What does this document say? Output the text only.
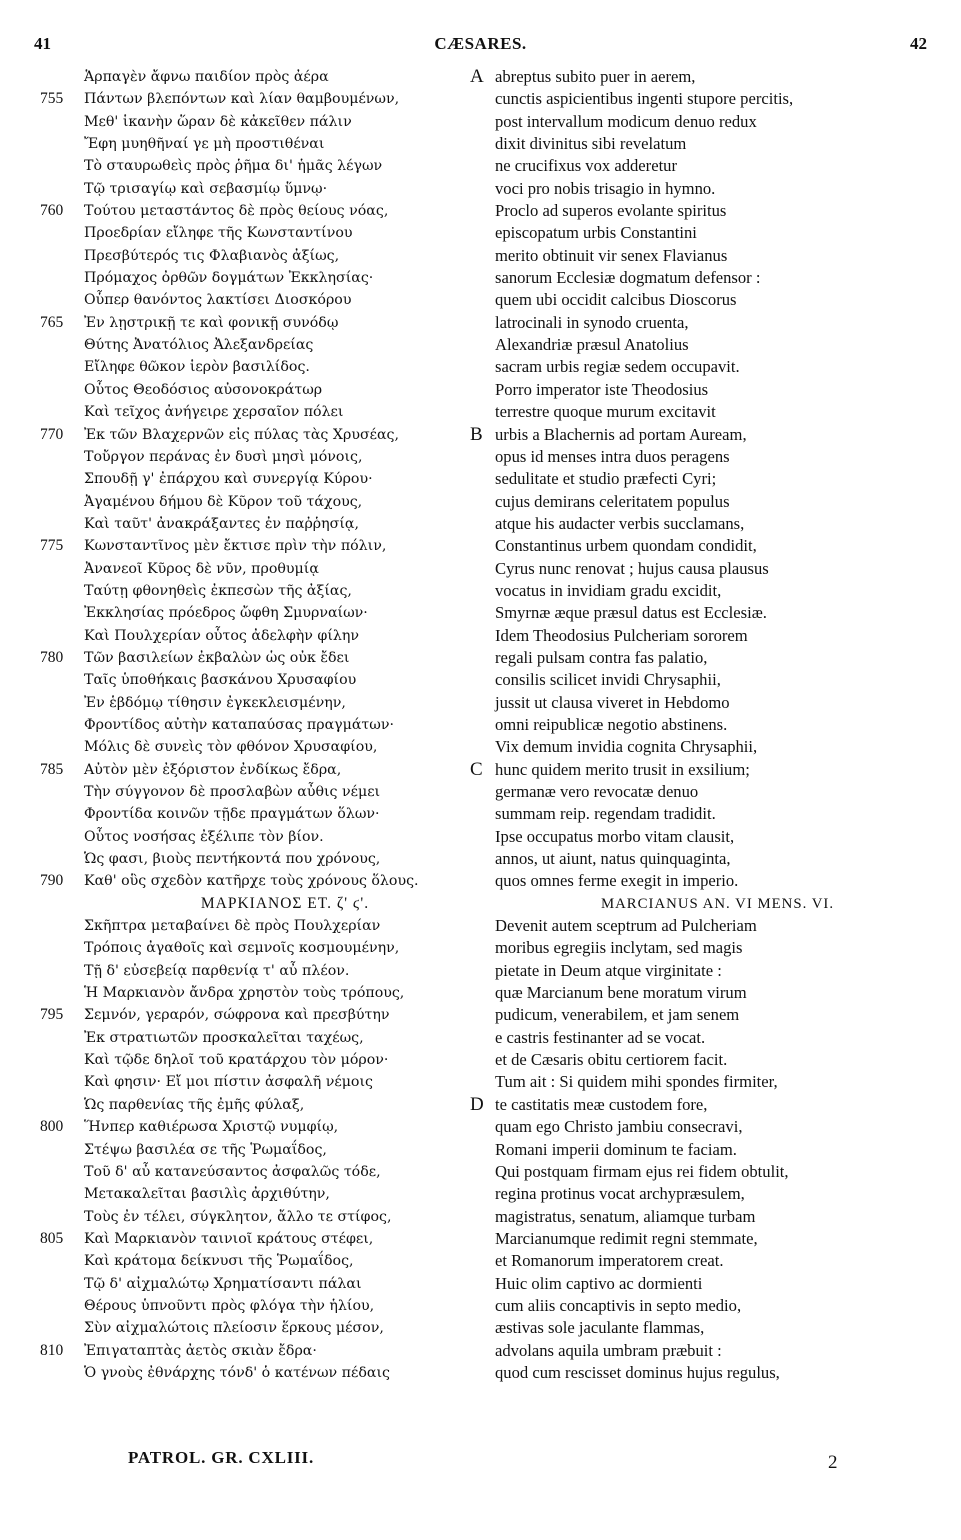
41	CÆSARES.	42
Ἁρπαγὲν ἄφνω παιδίον πρὸς ἀέρα
755	Πάντων βλεπόντων καὶ λίαν θαμβουμένων,
Μεθ' ἱκανὴν ὥραν δὲ κἀκεῖθεν πάλιν
Ἔφη μυηθῆναί γε μὴ προστιθέναι
Τὸ σταυρωθεὶς πρὸς ῥῆμα δι' ἡμᾶς λέγων
Τῷ τρισαγίῳ καὶ σεβασμίῳ ὕμνῳ·
760	Τούτου μεταστάντος δὲ πρὸς θείους νόας,
Προεδρίαν εἴληφε τῆς Κωνσταντίνου
Πρεσβύτερός τις Φλαβιανὸς ἀξίως,
Πρόμαχος ὀρθῶν δογμάτων Ἐκκλησίας·
Οὗπερ θανόντος λακτίσει Διοσκόρου
765	Ἐν λῃστρικῇ τε καὶ φονικῇ συνόδῳ
Θύτης Ἀνατόλιος Ἀλεξανδρείας
Εἴληφε θῶκον ἱερὸν βασιλίδος.
Οὗτος Θεοδόσιος αὐσονοκράτωρ
Καὶ τεῖχος ἀνήγειρε χερσαῖον πόλει
770	Ἐκ τῶν Βλαχερνῶν εἰς πύλας τὰς Χρυσέας,
Τοὔργον περάνας ἐν δυσὶ μησὶ μόνοις,
Σπουδῇ γ' ἐπάρχου καὶ συνεργίᾳ Κύρου·
Ἀγαμένου δήμου δὲ Κῦρον τοῦ τάχους,
Καὶ ταῦτ' ἀνακράξαντες ἐν παῤῥησίᾳ,
775	Κωνσταντῖνος μὲν ἔκτισε πρὶν τὴν πόλιν,
Ἀνανεοῖ Κῦρος δὲ νῦν, προθυμίᾳ
Ταύτῃ φθονηθεὶς ἐκπεσὼν τῆς ἀξίας,
Ἐκκλησίας πρόεδρος ὤφθη Σμυρναίων·
Καὶ Πουλχερίαν οὗτος ἀδελφὴν φίλην
780	Τῶν βασιλείων ἐκβαλὼν ὡς οὐκ ἔδει
Ταῖς ὑποθήκαις βασκάνου Χρυσαφίου
Ἐν ἑβδόμῳ τίθησιν ἐγκεκλεισμένην,
Φροντίδος αὐτὴν καταπαύσας πραγμάτων·
Μόλις δὲ συνεὶς τὸν φθόνον Χρυσαφίου,
785	Αὐτὸν μὲν ἐξόριστον ἐνδίκως ἔδρα,
Τὴν σύγγονον δὲ προσλαβὼν αὖθις νέμει
Φροντίδα κοινῶν τῇδε πραγμάτων ὅλων·
Οὗτος νοσήσας ἐξέλιπε τὸν βίον.
Ὡς φασι, βιοὺς πεντήκοντά που χρόνους,
790	Καθ' οὓς σχεδὸν κατῆρχε τοὺς χρόνους ὅλους.
ΜΑΡΚΙΑΝΟΣ ΕΤ. ζ' ϛ'.
Σκῆπτρα μεταβαίνει δὲ πρὸς Πουλχερίαν
Τρόποις ἀγαθοῖς καὶ σεμνοῖς κοσμουμένην,
Τῇ δ' εὐσεβείᾳ παρθενίᾳ τ' αὖ πλέον.
Ἡ Μαρκιανὸν ἄνδρα χρηστὸν τοὺς τρόπους,
795	Σεμνόν, γεραρόν, σώφρονα καὶ πρεσβύτην
Ἐκ στρατιωτῶν προσκαλεῖται ταχέως,
Καὶ τῷδε δηλοῖ τοῦ κρατάρχου τὸν μόρον·
Καὶ φησιν· Εἴ μοι πίστιν ἀσφαλῆ νέμοις
Ὡς παρθενίας τῆς ἐμῆς φύλαξ,
800	Ἥνπερ καθιέρωσα Χριστῷ νυμφίῳ,
Στέψω βασιλέα σε τῆς Ῥωμαΐδος,
Τοῦ δ' αὖ κατανεύσαντος ἀσφαλῶς τόδε,
Μετακαλεῖται βασιλὶς ἀρχιθύτην,
Τοὺς ἐν τέλει, σύγκλητον, ἄλλο τε στίφος,
805	Καὶ Μαρκιανὸν ταινιοῖ κράτους στέφει,
Καὶ κράτομα δείκνυσι τῆς Ῥωμαΐδος,
Τῷ δ' αἰχμαλώτῳ Χρηματίσαντι πάλαι
Θέρους ὑπνοῦντι πρὸς φλόγα τὴν ἡλίου,
Σὺν αἰχμαλώτοις πλείοσιν ἕρκους μέσον,
810	Ἐπιγαταπτὰς ἀετὸς σκιὰν ἔδρα·
Ὁ γνοὺς ἐθνάρχης τόνδ' ὁ κατένων πέδαις
A abreptus subito puer in aerem,
cunctis aspicientibus ingenti stupore percitis,
post intervallum modicum denuo redux
dixit divinitus sibi revelatum
ne crucifixus vox adderetur
voci pro nobis trisagio in hymno.
Proclo ad superos evolante spiritus
episcopatum urbis Constantini
merito obtinuit vir senex Flavianus
sanorum Ecclesiæ dogmatum defensor :
quem ubi occidit calcibus Dioscorus
latrocinali in synodo cruenta,
Alexandriæ præsul Anatolius
sacram urbis regiæ sedem occupavit.
Porro imperator iste Theodosius
terrestre quoque murum excitavit
B urbis a Blachernis ad portam Auream,
opus id menses intra duos peragens
sedulitate et studio præfecti Cyri;
cujus demirans celeritatem populus
atque his audacter verbis succlamans,
Constantinus urbem quondam condidit,
Cyrus nunc renovat ; hujus causa plausus
vocatus in invidiam gradu excidit,
Smyrnæ æque præsul datus est Ecclesiæ.
Idem Theodosius Pulcheriam sororem
regali pulsam contra fas palatio,
consilis scilicet invidi Chrysaphii,
jussit ut clausa viveret in Hebdomo
omni reipublicæ negotio abstinens.
Vix demum invidia cognita Chrysaphii,
C hunc quidem merito trusit in exsilium;
germanæ vero revocatæ denuo
summam reip. regendam tradidit.
Ipse occupatus morbo vitam clausit,
annos, ut aiunt, natus quinquaginta,
quos omnes ferme exegit in imperio.
MARCIANUS AN. VI MENS. VI.
Devenit autem sceptrum ad Pulcheriam
moribus egregiis inclytam, sed magis
pietate in Deum atque virginitate :
quæ Marcianum bene moratum virum
pudicum, venerabilem, et jam senem
e castris festinanter ad se vocat.
et de Cæsaris obitu certiorem facit.
Tum ait : Si quidem mihi spondes firmiter,
D te castitatis meæ custodem fore,
quam ego Christo jambiu consecravi,
Romani imperii dominum te faciam.
Qui postquam firmam ejus rei fidem obtulit,
regina protinus vocat archypræsulem,
magistratus, senatum, aliamque turbam
Marcianumque redimit regni stemmate,
et Romanorum imperatorem creat.
Huic olim captivo ac dormienti
cum aliis concaptivis in septo medio,
æstivas sole jaculante flammas,
advolans aquila umbram præbuit :
quod cum rescisset dominus hujus regulus,
PATROL. GR. CXLIII.	2
